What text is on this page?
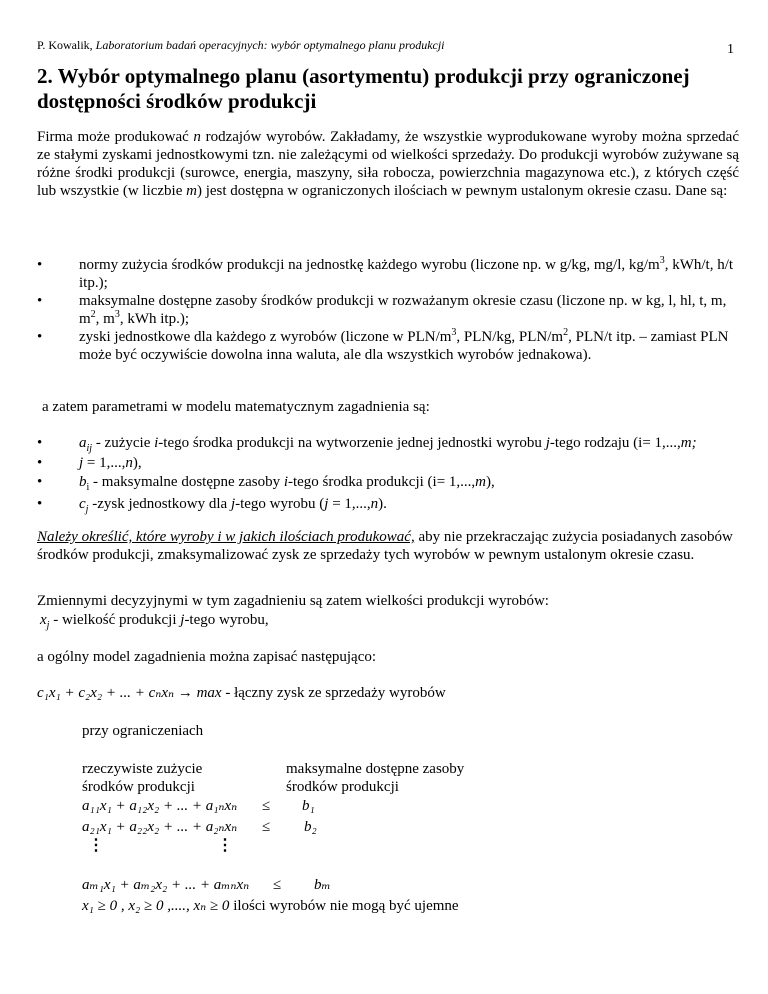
P. Kowalik, Laboratorium badań operacyjnych: wybór optymalnego planu produkcji	1
2. Wybór optymalnego planu (asortymentu) produkcji przy ograniczonej dostępności środków produkcji

Firma może produkować n rodzajów wyrobów. Zakładamy, że wszystkie wyprodukowane wyroby można sprzedać ze stałymi zyskami jednostkowymi tzn. nie zależącymi od wielkości sprzedaży. Do produkcji wyrobów zużywane są różne środki produkcji (surowce, energia, maszyny, siła robocza, powierzchnia magazynowa etc.), z których część lub wszystkie (w liczbie m) jest dostępna w ograniczonych ilościach w pewnym ustalonym okresie czasu. Dane są:

• normy zużycia środków produkcji na jednostkę każdego wyrobu (liczone np. w g/kg, mg/l, $kg/m^3$, kWh/t, h/t itp.);
• maksymalne dostępne zasoby środków produkcji w rozważanym okresie czasu (liczone np. w kg, l, hl, t, m, $m^2$, $m^3$, kWh itp.);
• zyski jednostkowe dla każdego z wyrobów (liczone w PLN/$m^3$, PLN/kg, PLN/$m^2$, PLN/t itp. – zamiast PLN może być oczywiście dowolna inna waluta, ale dla wszystkich wyrobów jednakowa).
a zatem parametrami w modelu matematycznym zagadnienia są:
• $a_{ij}$ - zużycie i-tego środka produkcji na wytworzenie jednej jednostki wyrobu j-tego rodzaju (i= 1,...,m;
• j = 1,...,n),
• $b_i$ - maksymalne dostępne zasoby i-tego środka produkcji (i= 1,...,m),
• $c_j$ -zysk jednostkowy dla j-tego wyrobu (j = 1,...,n).

Należy określić, które wyroby i w jakich ilościach produkować, aby nie przekraczając zużycia posiadanych zasobów środków produkcji, zmaksymalizować zysk ze sprzedaży tych wyrobów w pewnym ustalonym okresie czasu.

Zmiennymi decyzyjnymi w tym zagadnieniu są zatem wielkości produkcji wyrobów:
$x_j$ - wielkość produkcji j-tego wyrobu,
a ogólny model zagadnienia można zapisać następująco:
c₁x₁ + c₂x₂ + ... + cₙxₙ → max - łączny zysk ze sprzedaży wyrobów
przy ograniczeniach
rzeczywiste zużycie
środków produkcji
maksymalne dostępne zasoby
środków produkcji
a₁₁x₁ + a₁₂x₂ + ... + a₁ₙxₙ ≤ b₁
a₂₁x₁ + a₂₂x₂ + ... + a₂ₙxₙ ≤ b₂
⋮	⋮
aₘ₁x₁ + aₘ₂x₂ + ... + aₘₙxₙ ≤ bₘ
x₁ ≥ 0 , x₂ ≥ 0 ,...., xₙ ≥ 0 ilości wyrobów nie mogą być ujemne
